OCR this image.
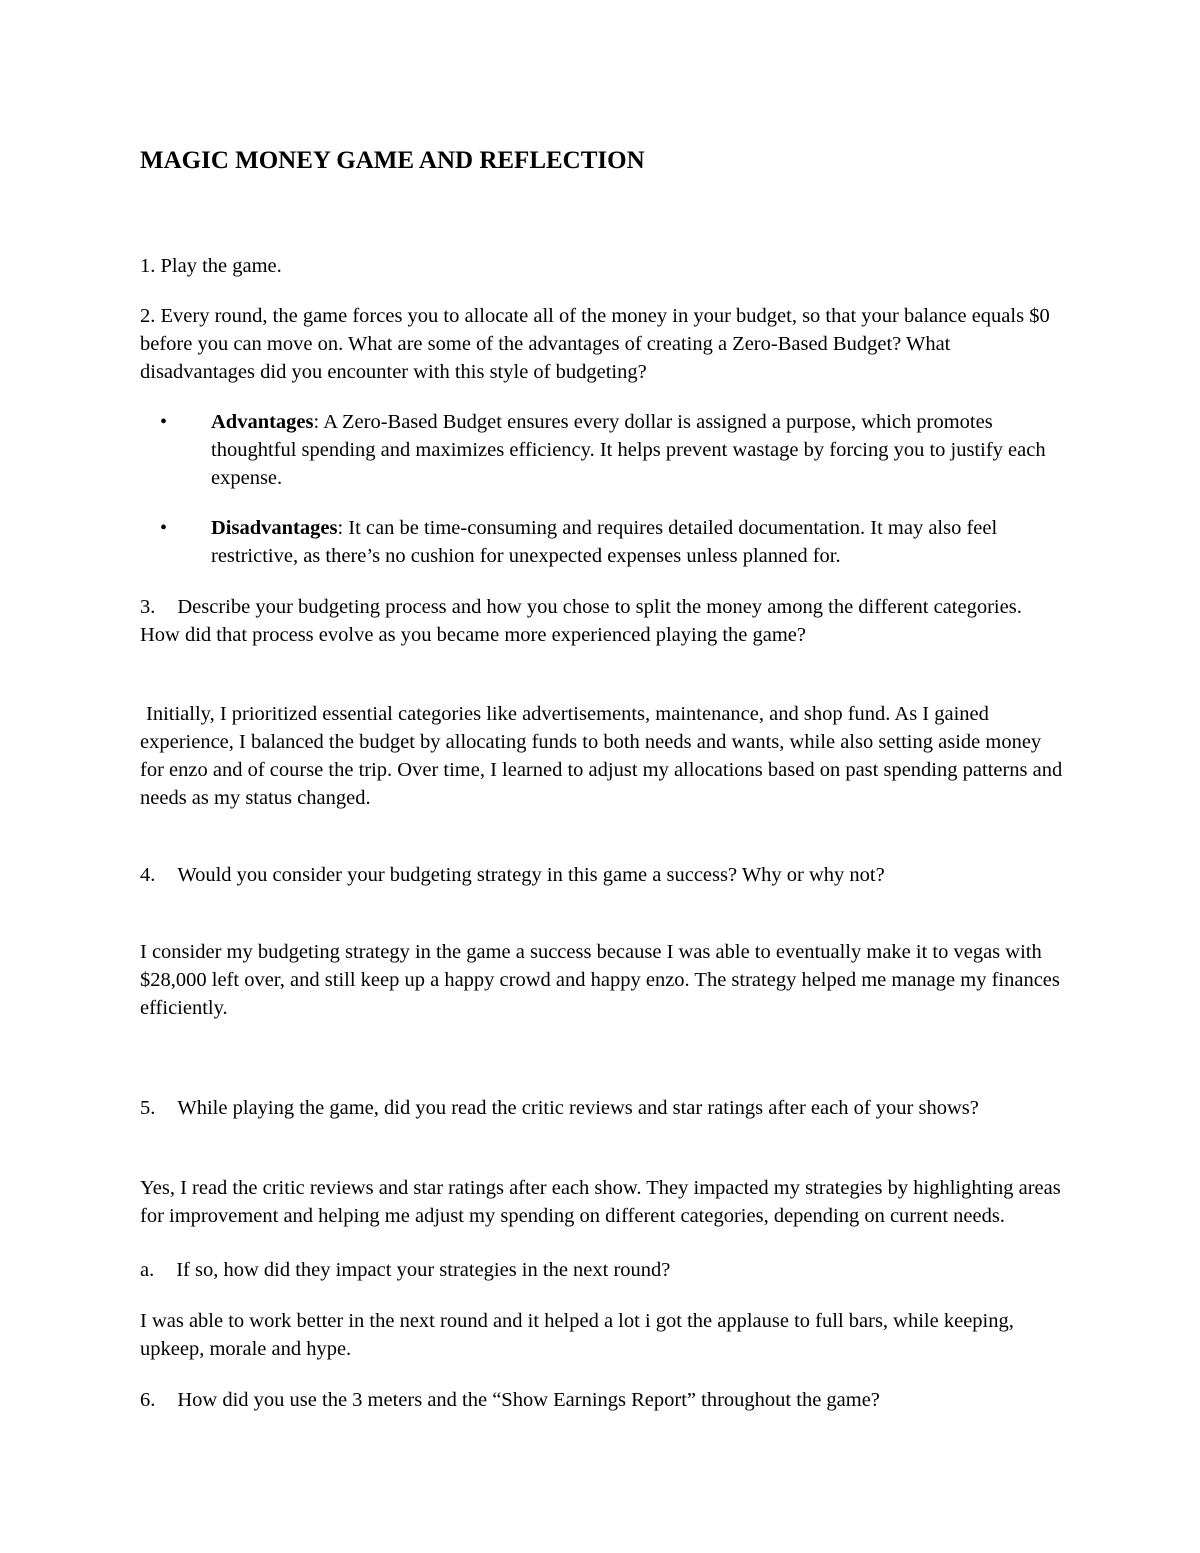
MAGIC MONEY GAME AND REFLECTION

1. Play the game.

2. Every round, the game forces you to allocate all of the money in your budget, so that your balance equals $0 before you can move on. What are some of the advantages of creating a Zero-Based Budget? What disadvantages did you encounter with this style of budgeting?

• Advantages: A Zero-Based Budget ensures every dollar is assigned a purpose, which promotes thoughtful spending and maximizes efficiency. It helps prevent wastage by forcing you to justify each expense.

• Disadvantages: It can be time-consuming and requires detailed documentation. It may also feel restrictive, as there’s no cushion for unexpected expenses unless planned for.

3. Describe your budgeting process and how you chose to split the money among the different categories. How did that process evolve as you became more experienced playing the game?

Initially, I prioritized essential categories like advertisements, maintenance, and shop fund. As I gained experience, I balanced the budget by allocating funds to both needs and wants, while also setting aside money for enzo and of course the trip. Over time, I learned to adjust my allocations based on past spending patterns and needs as my status changed.

4. Would you consider your budgeting strategy in this game a success? Why or why not?

I consider my budgeting strategy in the game a success because I was able to eventually make it to vegas with $28,000 left over, and still keep up a happy crowd and happy enzo. The strategy helped me manage my finances efficiently.

5. While playing the game, did you read the critic reviews and star ratings after each of your shows?

Yes, I read the critic reviews and star ratings after each show. They impacted my strategies by highlighting areas for improvement and helping me adjust my spending on different categories, depending on current needs.

a. If so, how did they impact your strategies in the next round?

I was able to work better in the next round and it helped a lot i got the applause to full bars, while keeping, upkeep, morale and hype.

6. How did you use the 3 meters and the “Show Earnings Report” throughout the game?
